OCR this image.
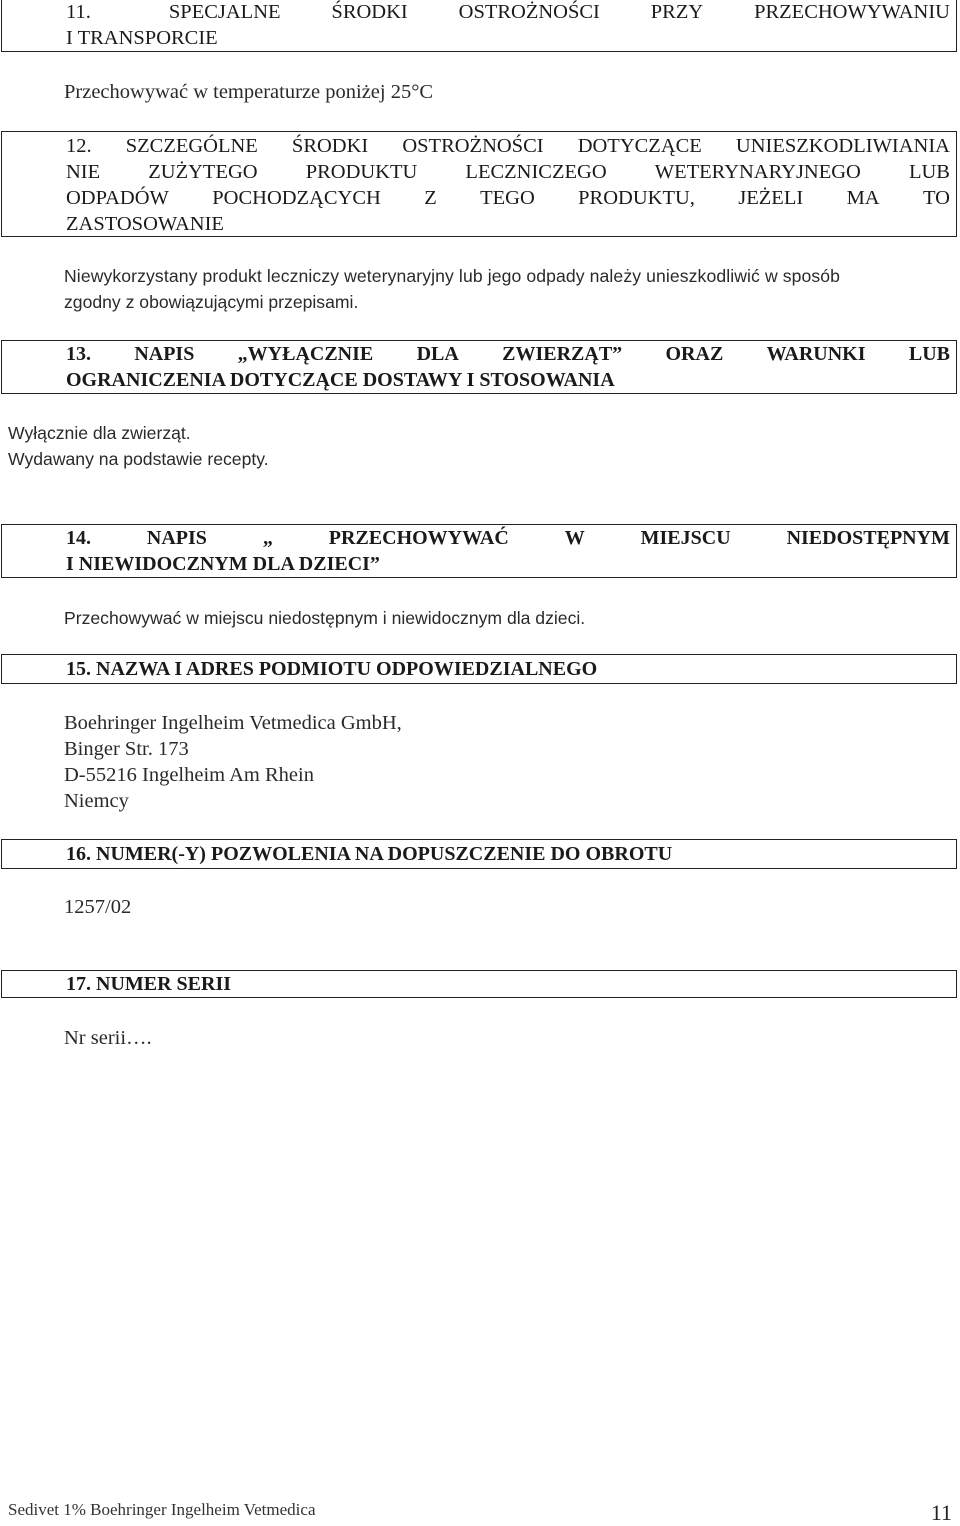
11.	SPECJALNE ŚRODKI OSTROŻNOŚCI PRZY PRZECHOWYWANIU
I TRANSPORCIE
Przechowywać w temperaturze poniżej 25°C
12. SZCZEGÓLNE ŚRODKI OSTROŻNOŚCI DOTYCZĄCE UNIESZKODLIWIANIA
NIE ZUŻYTEGO PRODUKTU LECZNICZEGO WETERYNARYJNEGO LUB
ODPADÓW POCHODZĄCYCH Z TEGO PRODUKTU, JEŻELI MA TO
ZASTOSOWANIE
Niewykorzystany produkt leczniczy weterynaryjny lub jego odpady należy unieszkodliwić w sposób
zgodny z obowiązującymi przepisami.
13. NAPIS „WYŁĄCZNIE DLA ZWIERZĄT” ORAZ WARUNKI LUB
OGRANICZENIA DOTYCZĄCE DOSTAWY I STOSOWANIA
Wyłącznie dla zwierząt.
Wydawany na podstawie recepty.
14.	NAPIS	„	PRZECHOWYWAĆ	W	MIEJSCU	NIEDOSTĘPNYM
I NIEWIDOCZNYM DLA DZIECI”
Przechowywać w miejscu niedostępnym i niewidocznym dla dzieci.
15. NAZWA I ADRES PODMIOTU ODPOWIEDZIALNEGO
Boehringer Ingelheim Vetmedica GmbH,
Binger Str. 173
D-55216 Ingelheim Am Rhein
Niemcy
16. NUMER(-Y) POZWOLENIA NA DOPUSZCZENIE DO OBROTU
1257/02
17. NUMER SERII
Nr serii….
Sedivet 1% Boehringer Ingelheim Vetmedica	11
